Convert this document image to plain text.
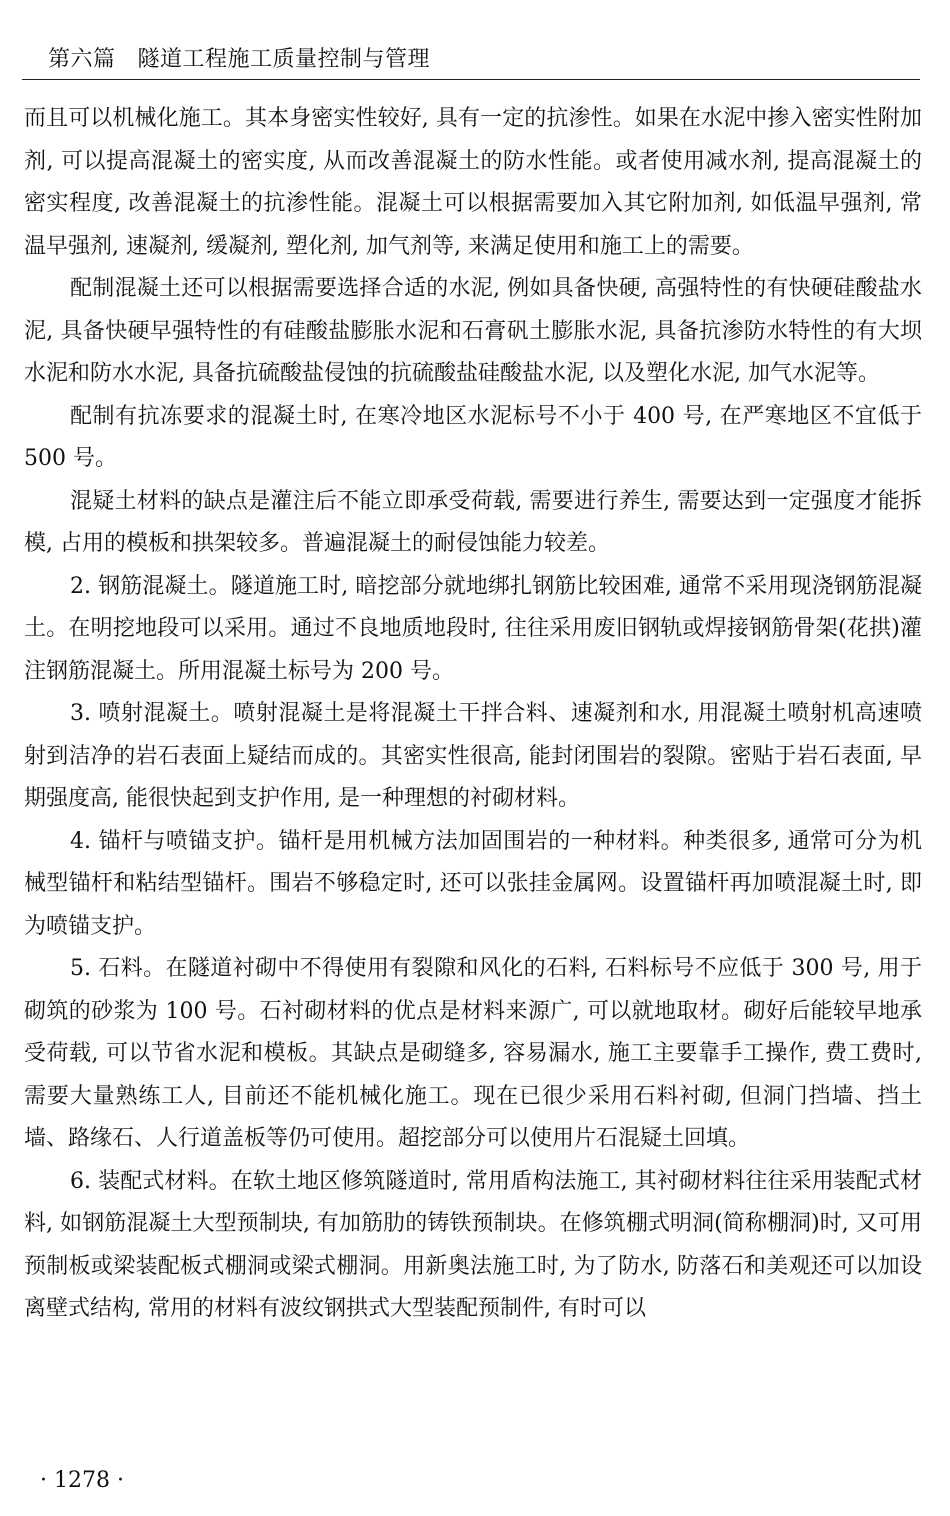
第六篇 隧道工程施工质量控制与管理

而且可以机械化施工。其本身密实性较好, 具有一定的抗渗性。如果在水泥中掺入密实性附加剂, 可以提高混凝土的密实度, 从而改善混凝土的防水性能。或者使用减水剂, 提高混凝土的密实程度, 改善混凝土的抗渗性能。混凝土可以根据需要加入其它附加剂, 如低温早强剂, 常温早强剂, 速凝剂, 缓凝剂, 塑化剂, 加气剂等, 来满足使用和施工上的需要。

配制混凝土还可以根据需要选择合适的水泥, 例如具备快硬, 高强特性的有快硬硅酸盐水泥, 具备快硬早强特性的有硅酸盐膨胀水泥和石膏矾土膨胀水泥, 具备抗渗防水特性的有大坝水泥和防水水泥, 具备抗硫酸盐侵蚀的抗硫酸盐硅酸盐水泥, 以及塑化水泥, 加气水泥等。

配制有抗冻要求的混凝土时, 在寒冷地区水泥标号不小于 400 号, 在严寒地区不宜低于 500 号。

混疑土材料的缺点是灌注后不能立即承受荷载, 需要进行养生, 需要达到一定强度才能拆模, 占用的模板和拱架较多。普遍混凝土的耐侵蚀能力较差。

2. 钢筋混凝土。隧道施工时, 暗挖部分就地绑扎钢筋比较困难, 通常不采用现浇钢筋混凝土。在明挖地段可以采用。通过不良地质地段时, 往往采用废旧钢轨或焊接钢筋骨架(花拱)灌注钢筋混凝土。所用混凝土标号为 200 号。

3. 喷射混凝土。喷射混凝土是将混凝土干拌合料、速凝剂和水, 用混凝土喷射机高速喷射到洁净的岩石表面上疑结而成的。其密实性很高, 能封闭围岩的裂隙。密贴于岩石表面, 早期强度高, 能很快起到支护作用, 是一种理想的衬砌材料。

4. 锚杆与喷锚支护。锚杆是用机械方法加固围岩的一种材料。种类很多, 通常可分为机械型锚杆和粘结型锚杆。围岩不够稳定时, 还可以张挂金属网。设置锚杆再加喷混凝土时, 即为喷锚支护。

5. 石料。在隧道衬砌中不得使用有裂隙和风化的石料, 石料标号不应低于 300 号, 用于砌筑的砂浆为 100 号。石衬砌材料的优点是材料来源广, 可以就地取材。砌好后能较早地承受荷载, 可以节省水泥和模板。其缺点是砌缝多, 容易漏水, 施工主要靠手工操作, 费工费时, 需要大量熟练工人, 目前还不能机械化施工。现在已很少采用石料衬砌, 但洞门挡墙、挡土墙、路缘石、人行道盖板等仍可使用。超挖部分可以使用片石混疑土回填。

6. 装配式材料。在软土地区修筑隧道时, 常用盾构法施工, 其衬砌材料往往采用装配式材料, 如钢筋混凝土大型预制块, 有加筋肋的铸铁预制块。在修筑棚式明洞(简称棚洞)时, 又可用预制板或梁装配板式棚洞或梁式棚洞。用新奥法施工时, 为了防水, 防落石和美观还可以加设离壁式结构, 常用的材料有波纹钢拱式大型装配预制件, 有时可以

· 1278 ·
